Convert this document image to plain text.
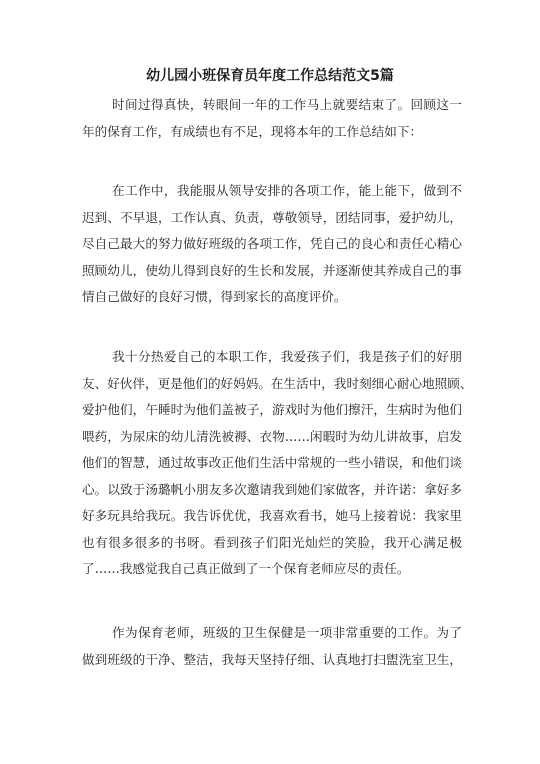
幼儿园小班保育员年度工作总结范文5篇
时间过得真快，转眼间一年的工作马上就要结束了。回顾这一
年的保育工作，有成绩也有不足，现将本年的工作总结如下：
在工作中，我能服从领导安排的各项工作，能上能下，做到不
迟到、不早退，工作认真、负责，尊敬领导，团结同事，爱护幼儿，
尽自己最大的努力做好班级的各项工作，凭自己的良心和责任心精心
照顾幼儿，使幼儿得到良好的生长和发展，并逐渐使其养成自己的事
情自己做好的良好习惯，得到家长的高度评价。
我十分热爱自己的本职工作，我爱孩子们，我是孩子们的好朋
友、好伙伴，更是他们的好妈妈。在生活中，我时刻细心耐心地照顾、
爱护他们，午睡时为他们盖被子，游戏时为他们擦汗，生病时为他们
喂药，为尿床的幼儿清洗被褥、衣物……闲暇时为幼儿讲故事，启发
他们的智慧，通过故事改正他们生活中常规的一些小错误，和他们谈
心。以致于汤璐帆小朋友多次邀请我到她们家做客，并许诺：拿好多
好多玩具给我玩。我告诉优优，我喜欢看书，她马上接着说：我家里
也有很多很多的书呀。看到孩子们阳光灿烂的笑脸，我开心满足极
了……我感觉我自己真正做到了一个保育老师应尽的责任。
作为保育老师，班级的卫生保健是一项非常重要的工作。为了
做到班级的干净、整洁，我每天坚持仔细、认真地打扫盥洗室卫生，
